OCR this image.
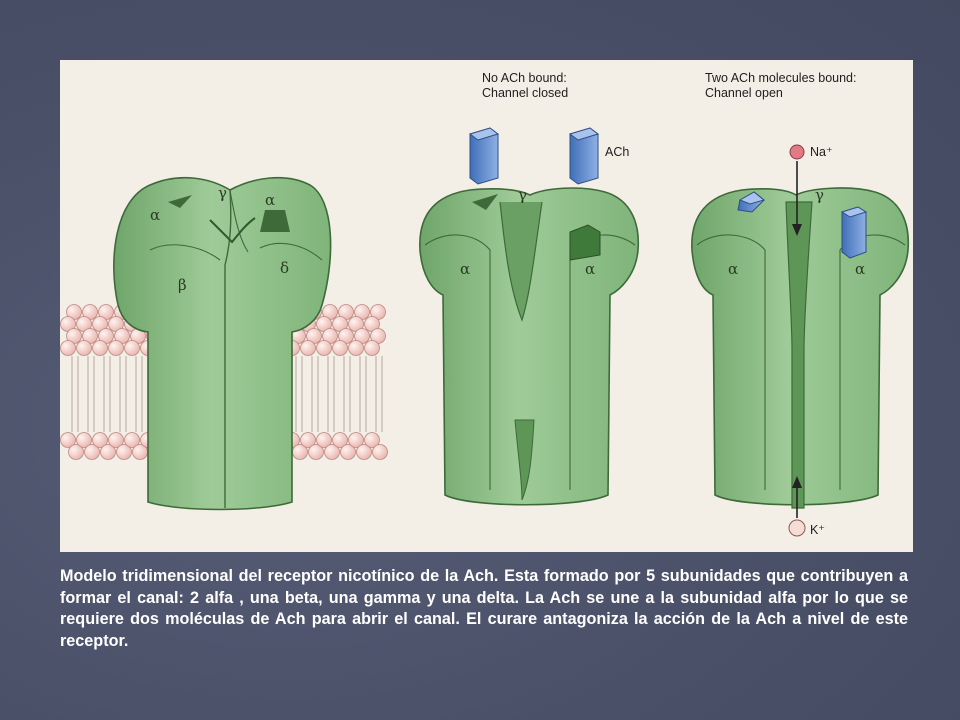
α
γ	α
β
δ
No ACh bound:
Channel closed
ACh
γ
α	α
Two ACh molecules bound:
Channel open
Na⁺
K⁺
γ
α	α
Modelo tridimensional del receptor nicotínico de la Ach. Esta formado por 5 subunidades que contribuyen a formar el canal: 2 alfa , una beta, una gamma y una delta. La Ach se une a la subunidad alfa por lo que se requiere dos moléculas de Ach para abrir el canal. El curare antagoniza la acción de la Ach a nivel de este receptor.
